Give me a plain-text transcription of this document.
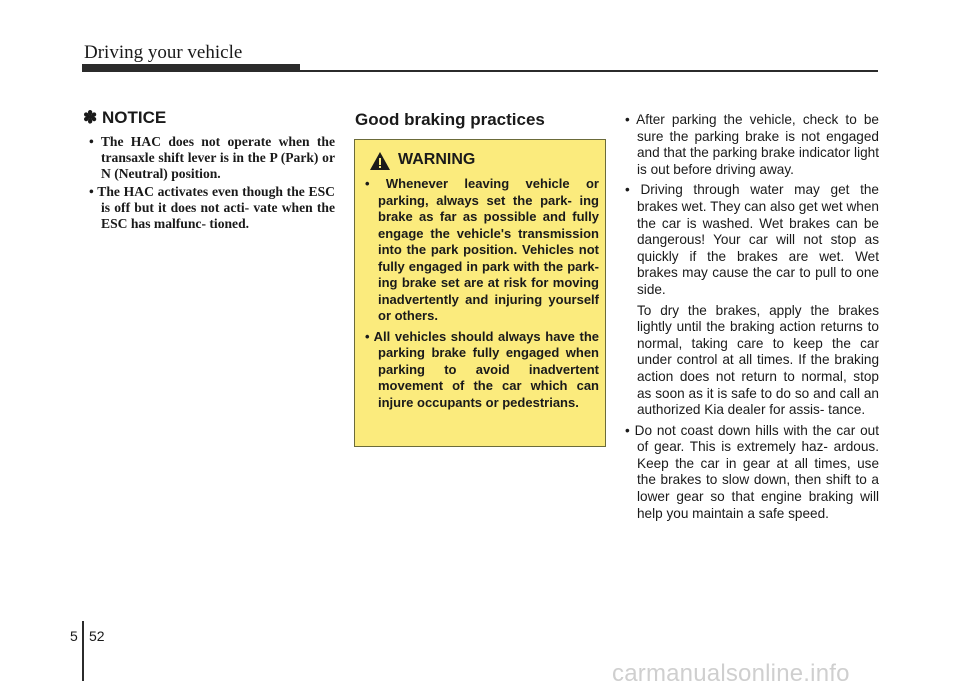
Driving your vehicle
✽ NOTICE
• The HAC does not operate when the transaxle shift lever is in the P (Park) or N (Neutral) position.
• The HAC activates even though the ESC is off but it does not acti- vate when the ESC has malfunc- tioned.
Good braking practices
WARNING
• Whenever leaving vehicle or parking, always set the park- ing brake as far as possible and fully engage the vehicle's transmission into the park position. Vehicles not fully engaged in park with the park- ing brake set are at risk for moving inadvertently and injuring yourself or others.
• All vehicles should always have the parking brake fully engaged when parking to avoid inadvertent movement of the car which can injure occupants or pedestrians.
• After parking the vehicle, check to be sure the parking brake is not engaged and that the parking brake indicator light is out before driving away.
• Driving through water may get the brakes wet. They can also get wet when the car is washed. Wet brakes can be dangerous! Your car will not stop as quickly if the brakes are wet. Wet brakes may cause the car to pull to one side.

To dry the brakes, apply the brakes lightly until the braking action returns to normal, taking care to keep the car under control at all times. If the braking action does not return to normal, stop as soon as it is safe to do so and call an authorized Kia dealer for assis- tance.

• Do not coast down hills with the car out of gear. This is extremely haz- ardous. Keep the car in gear at all times, use the brakes to slow down, then shift to a lower gear so that engine braking will help you maintain a safe speed.
5 52
carmanualsonline.info
